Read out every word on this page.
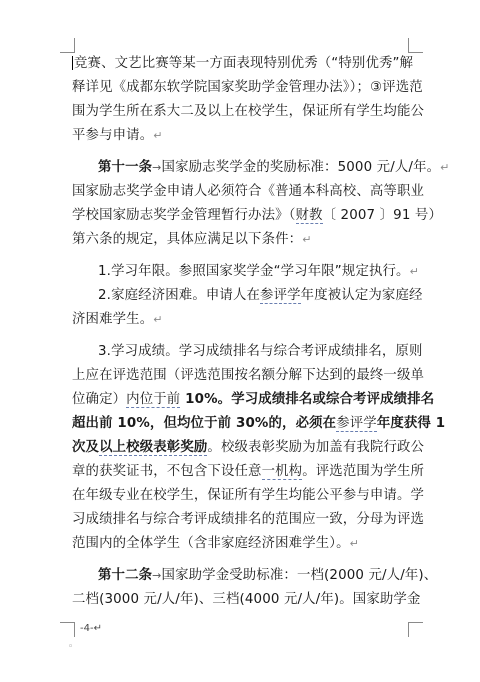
竞赛、文艺比赛等某一方面表现特别优秀（“特别优秀”解
释详见《成都东软学院国家奖助学金管理办法》）；③评选范
围为学生所在系大二及以上在校学生，保证所有学生均能公
平参与申请。↵
第十一条→国家励志奖学金的奖励标准：5000 元/人/年。↵
国家励志奖学金申请人必须符合《普通本科高校、高等职业
学校国家励志奖学金管理暂行办法》（财教〔 2007 〕91 号）
第六条的规定，具体应满足以下条件：↵
1.学习年限。参照国家奖学金“学习年限”规定执行。↵
2.家庭经济困难。申请人在参评学年度被认定为家庭经
济困难学生。↵
3.学习成绩。学习成绩排名与综合考评成绩排名，原则
上应在评选范围（评选范围按名额分解下达到的最终一级单
位确定）内位于前 10%。学习成绩排名或综合考评成绩排名
超出前 10%，但均位于前 30%的，必须在参评学年度获得 1
次及以上校级表彰奖励。校级表彰奖励为加盖有我院行政公
章的获奖证书，不包含下设任意一机构。评选范围为学生所
在年级专业在校学生，保证所有学生均能公平参与申请。学
习成绩排名与综合考评成绩排名的范围应一致，分母为评选
范围内的全体学生（含非家庭经济困难学生）。↵
第十二条→国家助学金受助标准：一档(2000 元/人/年)、
二档(3000 元/人/年)、三档(4000 元/人/年)。国家助学金
-4-↵
◦
